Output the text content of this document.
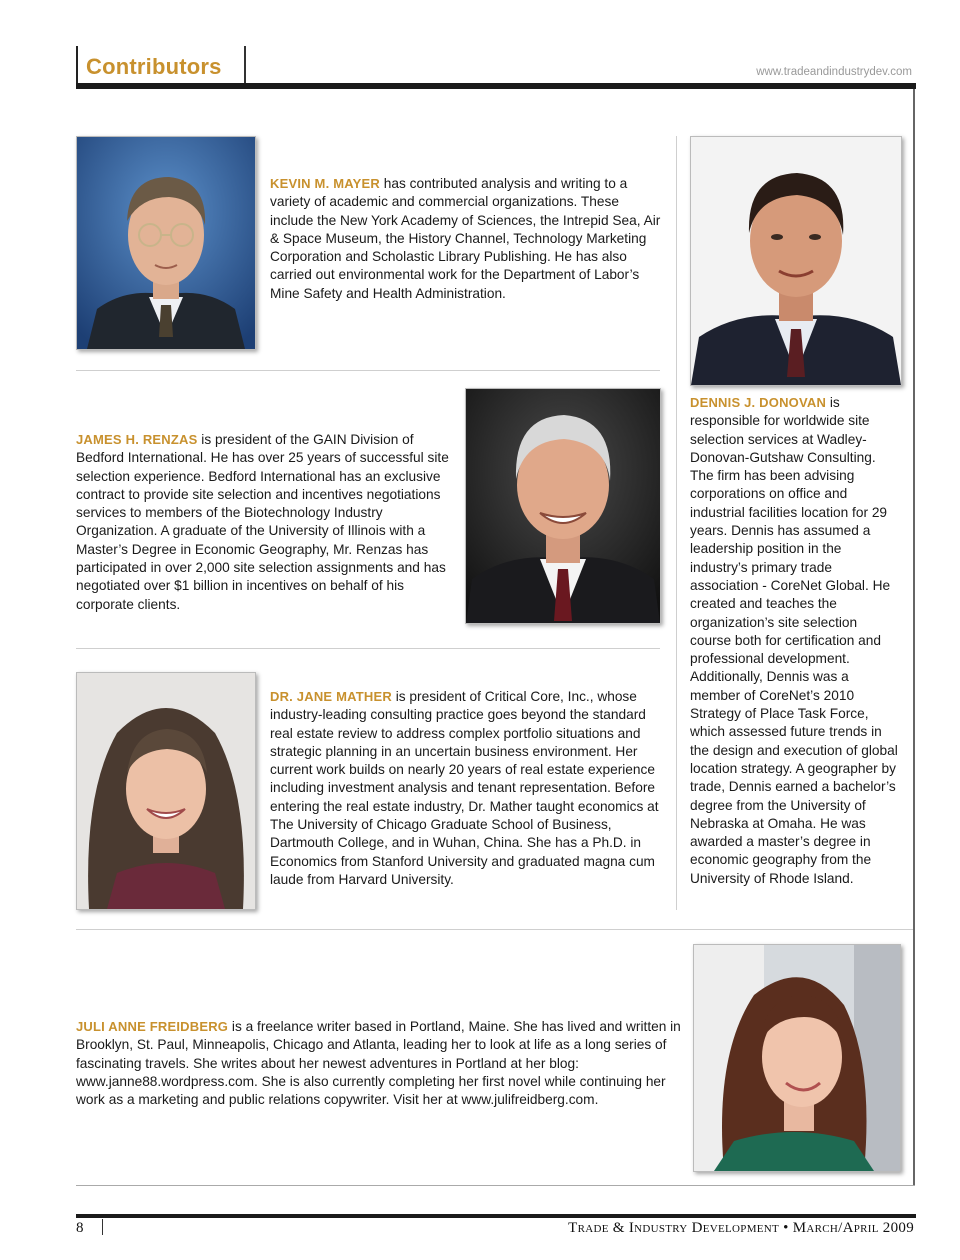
Contributors	www.tradeandindustrydev.com
KEVIN M. MAYER has contributed analysis and writing to a variety of academic and commercial organizations. These include the New York Academy of Sciences, the Intrepid Sea, Air & Space Museum, the History Channel, Technology Marketing Corporation and Scholastic Library Publishing. He has also carried out environmental work for the Department of Labor’s Mine Safety and Health Administration.
DENNIS J. DONOVAN is responsible for worldwide site selection services at Wadley-Donovan-Gutshaw Consulting. The firm has been advising corporations on office and industrial facilities location for 29 years. Dennis has assumed a leadership position in the industry’s primary trade association - CoreNet Global. He created and teaches the organization’s site selection course both for certification and professional development. Additionally, Dennis was a member of CoreNet’s 2010 Strategy of Place Task Force, which assessed future trends in the design and execution of global location strategy. A geographer by trade, Dennis earned a bachelor’s degree from the University of Nebraska at Omaha. He was awarded a master’s degree in economic geography from the University of Rhode Island.
JAMES H. RENZAS is president of the GAIN Division of Bedford International. He has over 25 years of successful site selection experience. Bedford International has an exclusive contract to provide site selection and incentives negotiations services to members of the Biotechnology Industry Organization. A graduate of the University of Illinois with a Master’s Degree in Economic Geography, Mr. Renzas has participated in over 2,000 site selection assignments and has negotiated over $1 billion in incentives on behalf of his corporate clients.
DR. JANE MATHER is president of Critical Core, Inc., whose industry-leading consulting practice goes beyond the standard real estate review to address complex portfolio situations and strategic planning in an uncertain business environment. Her current work builds on nearly 20 years of real estate experience including investment analysis and tenant representation. Before entering the real estate industry, Dr. Mather taught economics at The University of Chicago Graduate School of Business, Dartmouth College, and in Wuhan, China. She has a Ph.D. in Economics from Stanford University and graduated magna cum laude from Harvard University.
JULI ANNE FREIDBERG is a freelance writer based in Portland, Maine. She has lived and written in Brooklyn, St. Paul, Minneapolis, Chicago and Atlanta, leading her to look at life as a long series of fascinating travels. She writes about her newest adventures in Portland at her blog: www.janne88.wordpress.com. She is also currently completing her first novel while continuing her work as a marketing and public relations copywriter. Visit her at www.julifreidberg.com.
8	Trade & Industry Development • March/April 2009
